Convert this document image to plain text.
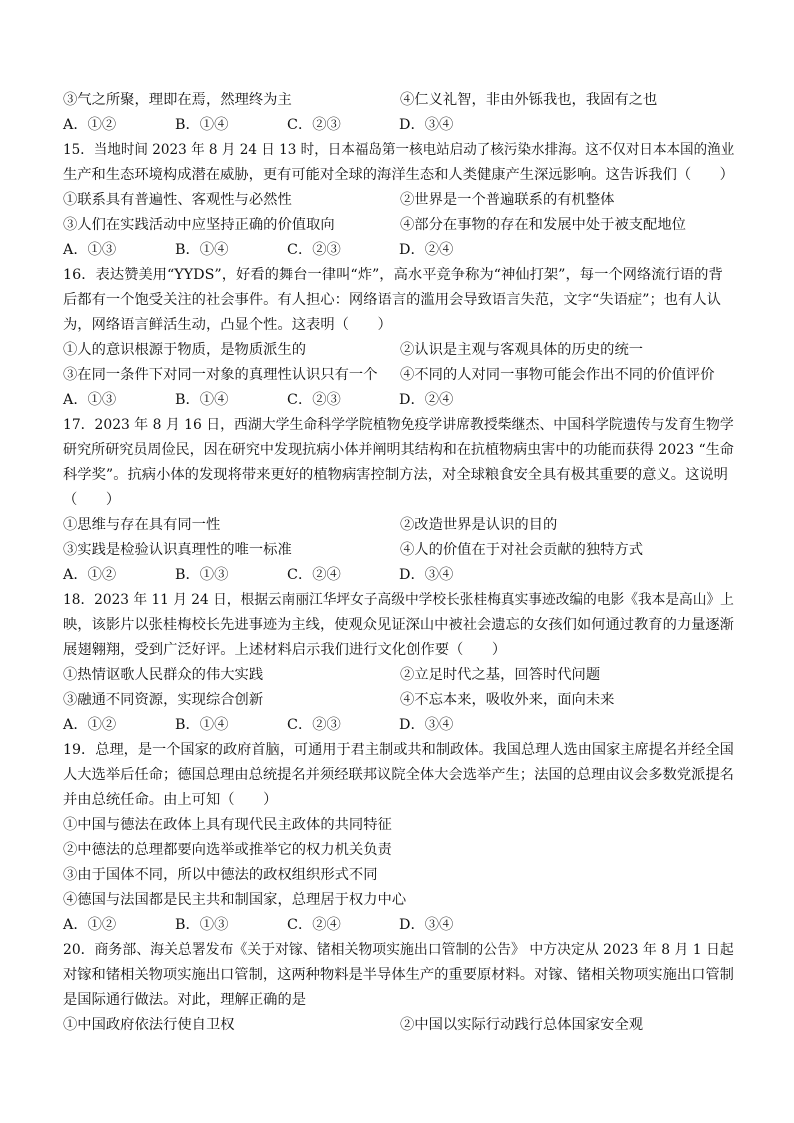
③气之所聚，理即在焉，然理终为主	④仁义礼智，非由外铄我也，我固有之也
A．①②	B．①④	C．②③	D．③④
15．当地时间 2023 年 8 月 24 日 13 时，日本福岛第一核电站启动了核污染水排海。这不仅对日本本国的渔业
生产和生态环境构成潜在威胁，更有可能对全球的海洋生态和人类健康产生深远影响。这告诉我们（　　）
①联系具有普遍性、客观性与必然性	②世界是一个普遍联系的有机整体
③人们在实践活动中应坚持正确的价值取向	④部分在事物的存在和发展中处于被支配地位
A．①③	B．①④	C．②③	D．②④
16．表达赞美用“YYDS”，好看的舞台一律叫“炸”，高水平竞争称为“神仙打架”，每一个网络流行语的背
后都有一个饱受关注的社会事件。有人担心：网络语言的滥用会导致语言失范，文字“失语症”；也有人认
为，网络语言鲜活生动，凸显个性。这表明（　　）
①人的意识根源于物质，是物质派生的	②认识是主观与客观具体的历史的统一
③在同一条件下对同一对象的真理性认识只有一个 ④不同的人对同一事物可能会作出不同的价值评价
A．①③	B．①④	C．②③	D．②④
17．2023 年 8 月 16 日，西湖大学生命科学学院植物免疫学讲席教授柴继杰、中国科学院遗传与发育生物学
研究所研究员周俭民，因在研究中发现抗病小体并阐明其结构和在抗植物病虫害中的功能而获得 2023 “生命
科学奖”。抗病小体的发现将带来更好的植物病害控制方法，对全球粮食安全具有极其重要的意义。这说明
（　　）
①思维与存在具有同一性	②改造世界是认识的目的
③实践是检验认识真理性的唯一标准	④人的价值在于对社会贡献的独特方式
A．①②	B．①③	C．②④	D．③④
18．2023 年 11 月 24 日，根据云南丽江华坪女子高级中学校长张桂梅真实事迹改编的电影《我本是高山》上
映，该影片以张桂梅校长先进事迹为主线，使观众见证深山中被社会遗忘的女孩们如何通过教育的力量逐渐
展翅翱翔，受到广泛好评。上述材料启示我们进行文化创作要（　　）
①热情讴歌人民群众的伟大实践	②立足时代之基，回答时代问题
③融通不同资源，实现综合创新	④不忘本来，吸收外来，面向未来
A．①②	B．①④	C．②③	D．③④
19．总理，是一个国家的政府首脑，可通用于君主制或共和制政体。我国总理人选由国家主席提名并经全国
人大选举后任命；德国总理由总统提名并须经联邦议院全体大会选举产生；法国的总理由议会多数党派提名
并由总统任命。由上可知（　　）
①中国与德法在政体上具有现代民主政体的共同特征
②中德法的总理都要向选举或推举它的权力机关负责
③由于国体不同，所以中德法的政权组织形式不同
④德国与法国都是民主共和制国家，总理居于权力中心
A．①②	B．①③	C．②④	D．③④
20．商务部、海关总署发布《关于对镓、锗相关物项实施出口管制的公告》 中方决定从 2023 年 8 月 1 日起
对镓和锗相关物项实施出口管制，这两种物料是半导体生产的重要原材料。对镓、锗相关物项实施出口管制
是国际通行做法。对此，理解正确的是
①中国政府依法行使自卫权	②中国以实际行动践行总体国家安全观
